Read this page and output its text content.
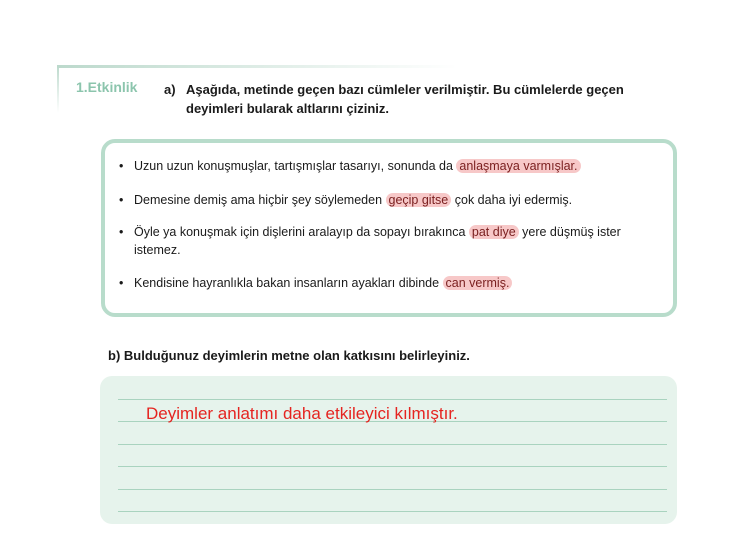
1.Etkinlik a) Aşağıda, metinde geçen bazı cümleler verilmiştir. Bu cümlelerde geçen deyimleri bularak altlarını çiziniz.
• Uzun uzun konuşmuşlar, tartışmışlar tasarıyı, sonunda da anlaşmaya varmışlar.
• Demesine demiş ama hiçbir şey söylemeden geçip gitse çok daha iyi edermiş.
• Öyle ya konuşmak için dişlerini aralayıp da sopayı bırakınca pat diye yere düşmüş ister istemez.
• Kendisine hayranlıkla bakan insanların ayakları dibinde can vermiş.
b) Bulduğunuz deyimlerin metne olan katkısını belirleyiniz.
Deyimler anlatımı daha etkileyici kılmıştır.
